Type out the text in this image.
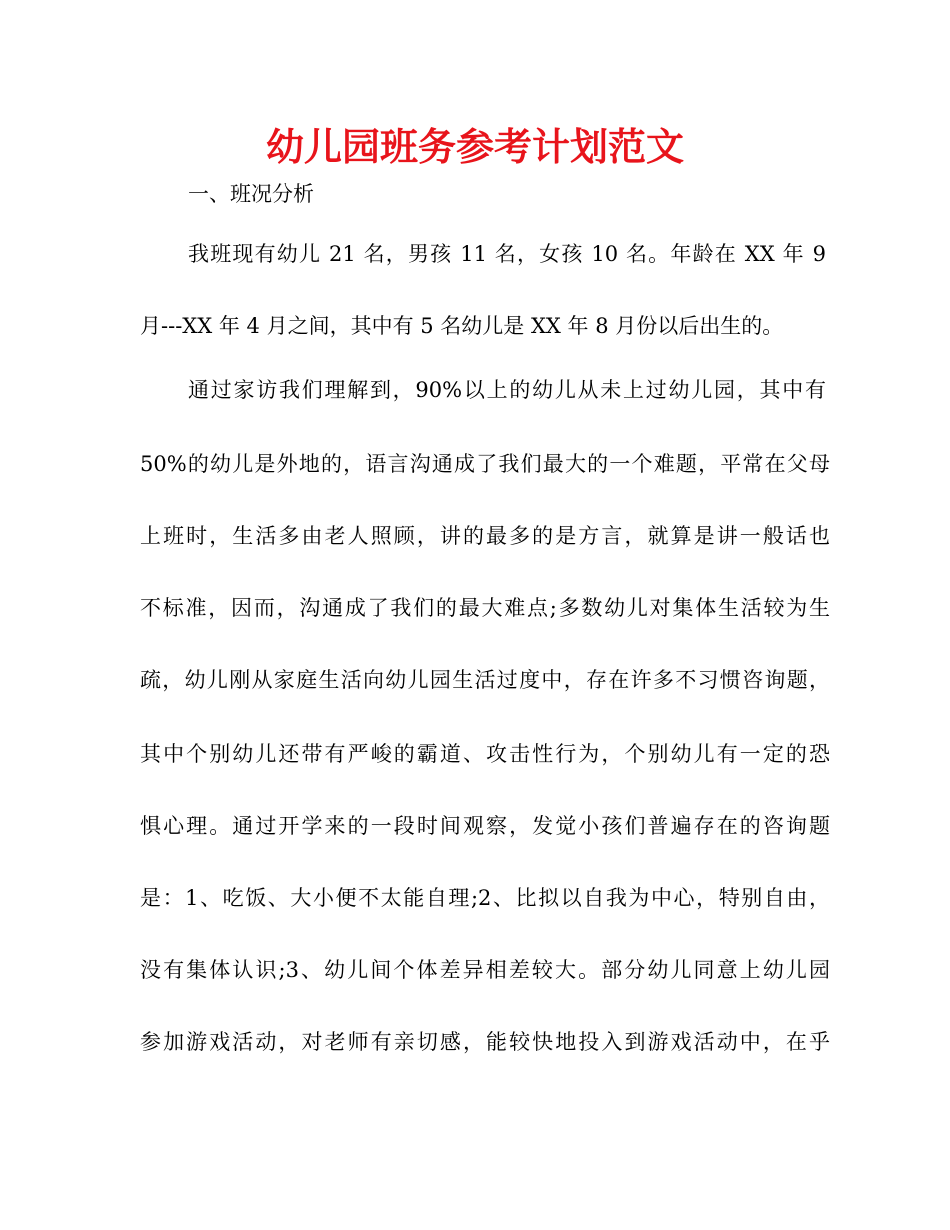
幼儿园班务参考计划范文

一、班况分析

我班现有幼儿 21 名，男孩 11 名，女孩 10 名。年龄在 XX 年 9

月---XX 年 4 月之间，其中有 5 名幼儿是 XX 年 8 月份以后出生的。

通过家访我们理解到，90%以上的幼儿从未上过幼儿园，其中有

50%的幼儿是外地的，语言沟通成了我们最大的一个难题，平常在父母

上班时，生活多由老人照顾，讲的最多的是方言，就算是讲一般话也

不标准，因而，沟通成了我们的最大难点;多数幼儿对集体生活较为生

疏，幼儿刚从家庭生活向幼儿园生活过度中，存在许多不习惯咨询题，

其中个别幼儿还带有严峻的霸道、攻击性行为，个别幼儿有一定的恐

惧心理。通过开学来的一段时间观察，发觉小孩们普遍存在的咨询题

是：1、吃饭、大小便不太能自理;2、比拟以自我为中心，特别自由，

没有集体认识;3、幼儿间个体差异相差较大。部分幼儿同意上幼儿园

参加游戏活动，对老师有亲切感，能较快地投入到游戏活动中，在乎
